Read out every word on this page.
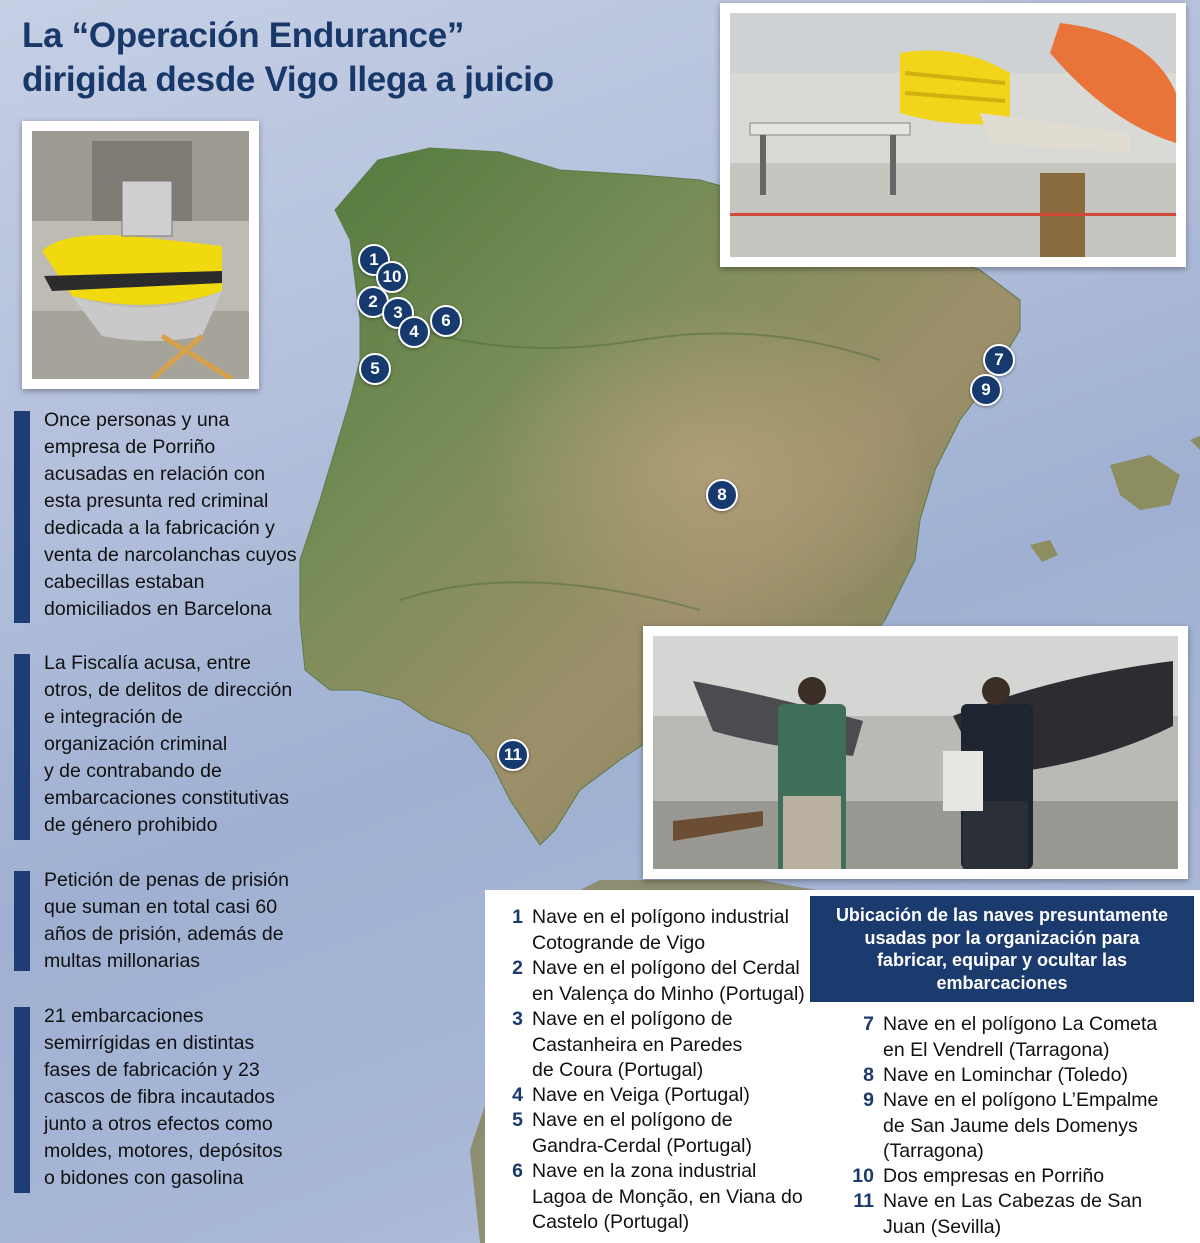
La “Operación Endurance”
dirigida desde Vigo llega a juicio

Once personas y una
empresa de Porriño
acusadas en relación con
esta presunta red criminal
dedicada a la fabricación y
venta de narcolanchas cuyos
cabecillas estaban
domiciliados en Barcelona

La Fiscalía acusa, entre
otros, de delitos de dirección
e integración de
organización criminal
y de contrabando de
embarcaciones constitutivas
de género prohibido

Petición de penas de prisión
que suman en total casi 60
años de prisión, además de
multas millonarias

21 embarcaciones
semirrígidas en distintas
fases de fabricación y 23
cascos de fibra incautados
junto a otros efectos como
moldes, motores, depósitos
o bidones con gasolina

1
10
2
3
4
6
5	7
9
8
11
Ubicación de las naves presuntamente
usadas por la organización para
fabricar, equipar y ocultar las
embarcaciones
1 Nave en el polígono industrial
Cotogrande de Vigo
2 Nave en el polígono del Cerdal
en Valença do Minho (Portugal)
3 Nave en el polígono de
Castanheira en Paredes
de Coura (Portugal)
4 Nave en Veiga (Portugal)
5 Nave en el polígono de
Gandra-Cerdal (Portugal)
6 Nave en la zona industrial
Lagoa de Monção, en Viana do
Castelo (Portugal)
7 Nave en el polígono La Cometa
en El Vendrell (Tarragona)
8 Nave en Lominchar (Toledo)
9 Nave en el polígono L’Empalme
de San Jaume dels Domenys
(Tarragona)
10 Dos empresas en Porriño
11 Nave en Las Cabezas de San
Juan (Sevilla)
